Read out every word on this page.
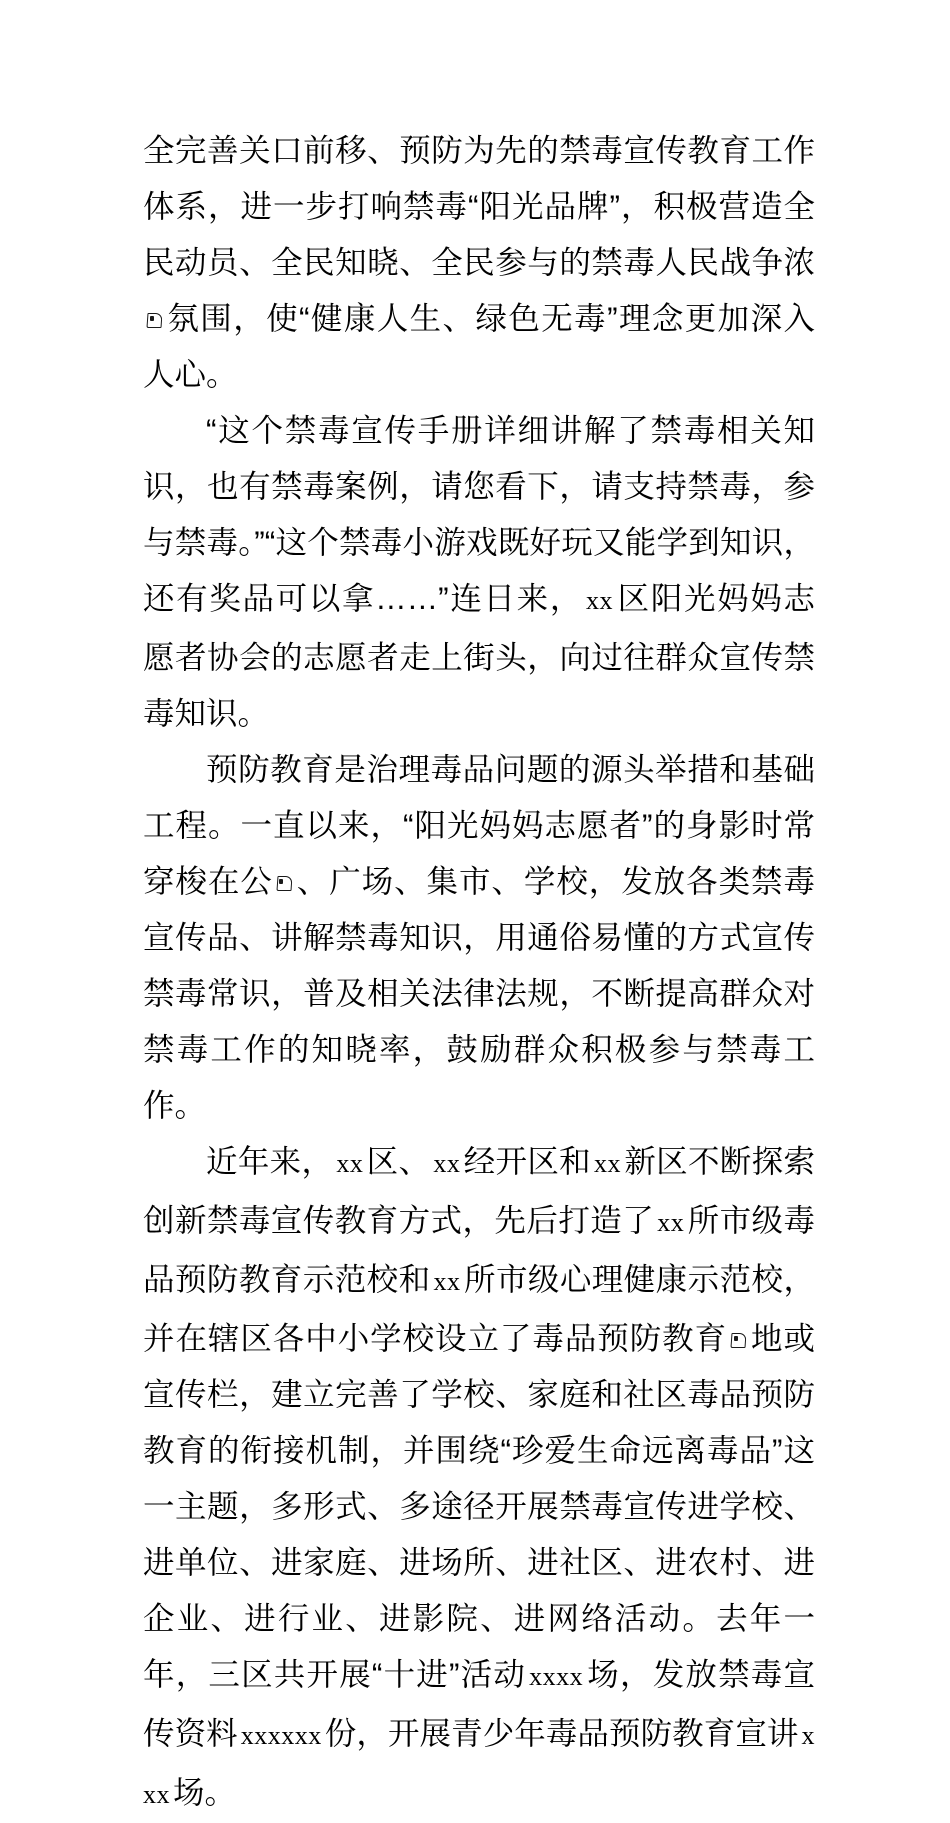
全完善关口前移、预防为先的禁毒宣传教育工作体系，进一步打响禁毒“阳光品牌”，积极营造全民动员、全民知晓、全民参与的禁毒人民战争浓氛围，使“健康人生、绿色无毒”理念更加深入人心。

“这个禁毒宣传手册详细讲解了禁毒相关知识，也有禁毒案例，请您看下，请支持禁毒，参与禁毒。”“这个禁毒小游戏既好玩又能学到知识，还有奖品可以拿……”连日来， xx区阳光妈妈志愿者协会的志愿者走上街头，向过往群众宣传禁毒知识。

预防教育是治理毒品问题的源头举措和基础工程。一直以来，“阳光妈妈志愿者”的身影时常穿梭在公 、广场、集市、学校，发放各类禁毒宣传品、讲解禁毒知识，用通俗易懂的方式宣传禁毒常识，普及相关法律法规，不断提高群众对禁毒工作的知晓率，鼓励群众积极参与禁毒工作。

近年来， xx区、 xx经开区和 xx新区不断探索创新禁毒宣传教育方式，先后打造了 xx所市级毒品预防教育示范校和 xx所市级心理健康示范校，并在辖区各中小学校设立了毒品预防教育 地或宣传栏，建立完善了学校、家庭和社区毒品预防教育的衔接机制，并围绕“珍爱生命远离毒品”这一主题，多形式、多途径开展禁毒宣传进学校、进单位、进家庭、进场所、进社区、进农村、进企业、进行业、进影院、进网络活动。去年一年，三区共开展“十进”活动 xxxx场，发放禁毒宣传资料 xxxxxx份，开展青少年毒品预防教育宣讲 xxx场。
